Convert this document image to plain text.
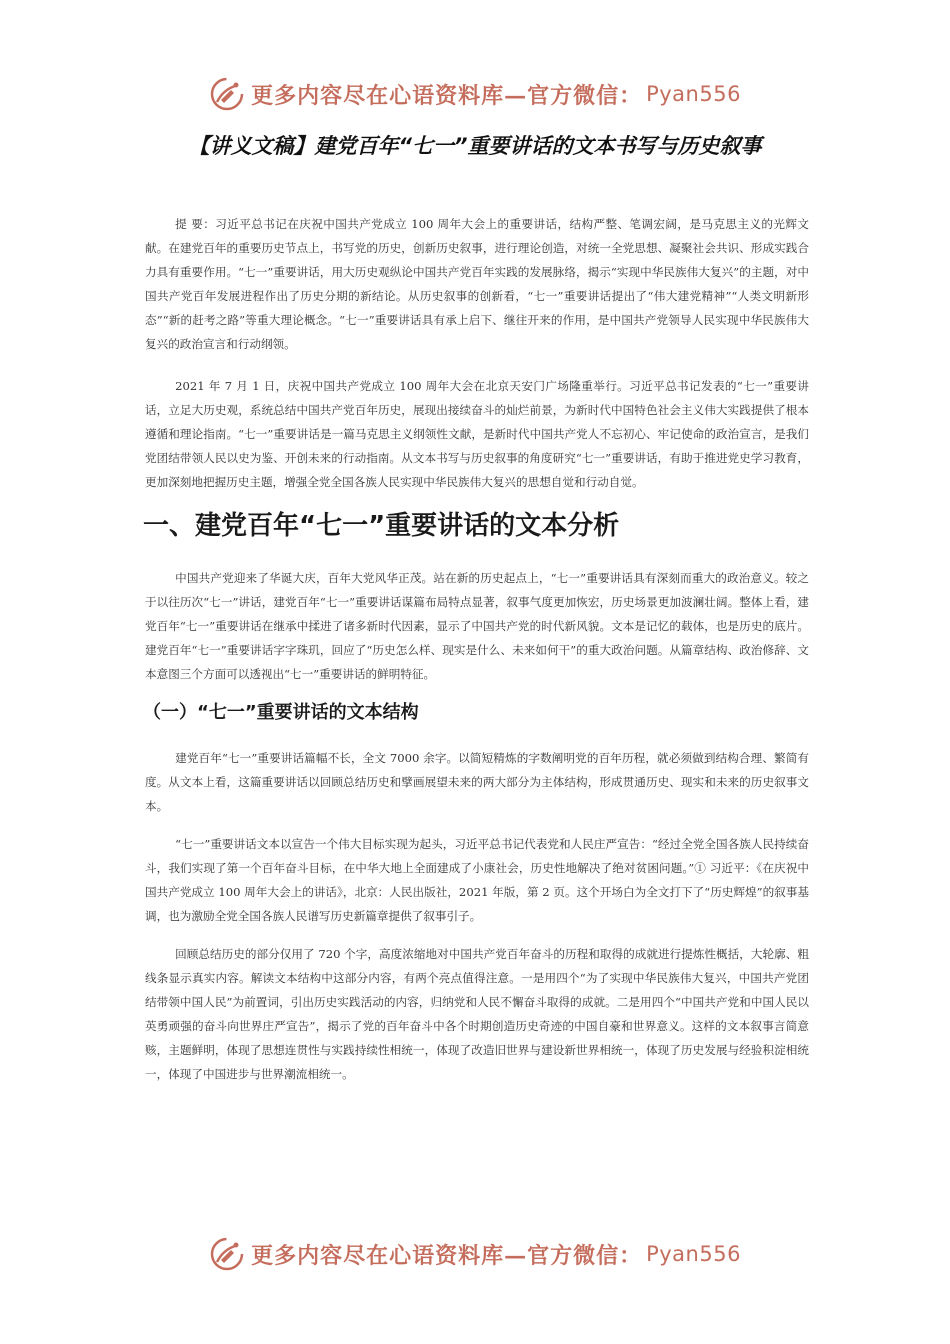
更多内容尽在心语资料库—官方微信： Pyan556
【讲义文稿】建党百年“七一”重要讲话的文本书写与历史叙事

提 要：习近平总书记在庆祝中国共产党成立 100 周年大会上的重要讲话，结构严整、笔调宏阔，是马克思主义的光辉文献。在建党百年的重要历史节点上，书写党的历史，创新历史叙事，进行理论创造，对统一全党思想、凝聚社会共识、形成实践合力具有重要作用。“七一”重要讲话，用大历史观纵论中国共产党百年实践的发展脉络，揭示“实现中华民族伟大复兴”的主题，对中国共产党百年发展进程作出了历史分期的新结论。从历史叙事的创新看，“七一”重要讲话提出了“伟大建党精神”“人类文明新形态”“新的赶考之路”等重大理论概念。“七一”重要讲话具有承上启下、继往开来的作用，是中国共产党领导人民实现中华民族伟大复兴的政治宣言和行动纲领。

2021 年 7 月 1 日，庆祝中国共产党成立 100 周年大会在北京天安门广场隆重举行。习近平总书记发表的“七一”重要讲话，立足大历史观，系统总结中国共产党百年历史，展现出接续奋斗的灿烂前景，为新时代中国特色社会主义伟大实践提供了根本遵循和理论指南。“七一”重要讲话是一篇马克思主义纲领性文献，是新时代中国共产党人不忘初心、牢记使命的政治宣言，是我们党团结带领人民以史为鉴、开创未来的行动指南。从文本书写与历史叙事的角度研究“七一”重要讲话，有助于推进党史学习教育，更加深刻地把握历史主题，增强全党全国各族人民实现中华民族伟大复兴的思想自觉和行动自觉。

一、建党百年“七一”重要讲话的文本分析

中国共产党迎来了华诞大庆，百年大党风华正茂。站在新的历史起点上，“七一”重要讲话具有深刻而重大的政治意义。较之于以往历次“七一”讲话，建党百年“七一”重要讲话谋篇布局特点显著，叙事气度更加恢宏，历史场景更加波澜壮阔。整体上看，建党百年“七一”重要讲话在继承中揉进了诸多新时代因素，显示了中国共产党的时代新风貌。文本是记忆的载体，也是历史的底片。建党百年“七一”重要讲话字字珠玑，回应了“历史怎么样、现实是什么、未来如何干”的重大政治问题。从篇章结构、政治修辞、文本意图三个方面可以透视出“七一”重要讲话的鲜明特征。

（一）“七一”重要讲话的文本结构

建党百年“七一”重要讲话篇幅不长，全文 7000 余字。以简短精炼的字数阐明党的百年历程，就必须做到结构合理、繁简有度。从文本上看，这篇重要讲话以回顾总结历史和擘画展望未来的两大部分为主体结构，形成贯通历史、现实和未来的历史叙事文本。

“七一”重要讲话文本以宣告一个伟大目标实现为起头，习近平总书记代表党和人民庄严宣告：“经过全党全国各族人民持续奋斗，我们实现了第一个百年奋斗目标，在中华大地上全面建成了小康社会，历史性地解决了绝对贫困问题。”① 习近平：《在庆祝中国共产党成立 100 周年大会上的讲话》，北京：人民出版社，2021 年版，第 2 页。这个开场白为全文打下了“历史辉煌”的叙事基调，也为激励全党全国各族人民谱写历史新篇章提供了叙事引子。

回顾总结历史的部分仅用了 720 个字，高度浓缩地对中国共产党百年奋斗的历程和取得的成就进行提炼性概括，大轮廓、粗线条显示真实内容。解读文本结构中这部分内容，有两个亮点值得注意。一是用四个“为了实现中华民族伟大复兴，中国共产党团结带领中国人民”为前置词，引出历史实践活动的内容，归纳党和人民不懈奋斗取得的成就。二是用四个“中国共产党和中国人民以英勇顽强的奋斗向世界庄严宣告”，揭示了党的百年奋斗中各个时期创造历史奇迹的中国自豪和世界意义。这样的文本叙事言简意赅，主题鲜明，体现了思想连贯性与实践持续性相统一，体现了改造旧世界与建设新世界相统一，体现了历史发展与经验积淀相统一，体现了中国进步与世界潮流相统一。

更多内容尽在心语资料库—官方微信： Pyan556
